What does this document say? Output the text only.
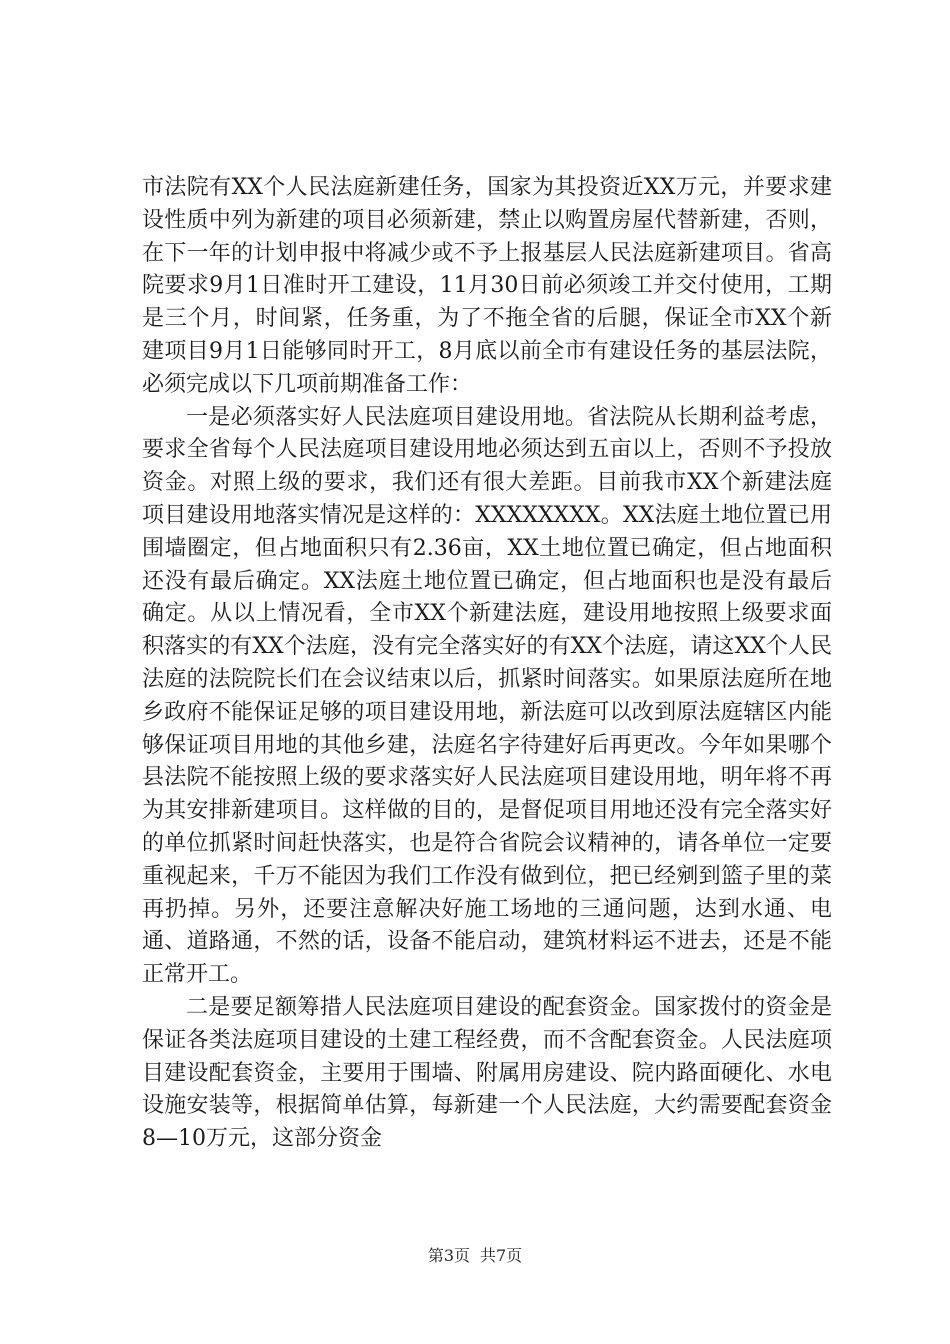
市法院有XX个人民法庭新建任务，国家为其投资近XX万元，并要求建设性质中列为新建的项目必须新建，禁止以购置房屋代替新建，否则，在下一年的计划申报中将减少或不予上报基层人民法庭新建项目。省高院要求9月1日准时开工建设，11月30日前必须竣工并交付使用，工期是三个月，时间紧，任务重，为了不拖全省的后腿，保证全市XX个新建项目9月1日能够同时开工，8月底以前全市有建设任务的基层法院，必须完成以下几项前期准备工作：

一是必须落实好人民法庭项目建设用地。省法院从长期利益考虑，要求全省每个人民法庭项目建设用地必须达到五亩以上，否则不予投放资金。对照上级的要求，我们还有很大差距。目前我市XX个新建法庭项目建设用地落实情况是这样的：XXXXXXXX。XX法庭土地位置已用围墙圈定，但占地面积只有2.36亩，XX土地位置已确定，但占地面积还没有最后确定。XX法庭土地位置已确定，但占地面积也是没有最后确定。从以上情况看，全市XX个新建法庭，建设用地按照上级要求面积落实的有XX个法庭，没有完全落实好的有XX个法庭，请这XX个人民法庭的法院院长们在会议结束以后，抓紧时间落实。如果原法庭所在地乡政府不能保证足够的项目建设用地，新法庭可以改到原法庭辖区内能够保证项目用地的其他乡建，法庭名字待建好后再更改。今年如果哪个县法院不能按照上级的要求落实好人民法庭项目建设用地，明年将不再为其安排新建项目。这样做的目的，是督促项目用地还没有完全落实好的单位抓紧时间赶快落实，也是符合省院会议精神的，请各单位一定要重视起来，千万不能因为我们工作没有做到位，把已经剜到篮子里的菜再扔掉。另外，还要注意解决好施工场地的三通问题，达到水通、电通、道路通，不然的话，设备不能启动，建筑材料运不进去，还是不能正常开工。

二是要足额筹措人民法庭项目建设的配套资金。国家拨付的资金是保证各类法庭项目建设的土建工程经费，而不含配套资金。人民法庭项目建设配套资金，主要用于围墙、附属用房建设、院内路面硬化、水电设施安装等，根据简单估算，每新建一个人民法庭，大约需要配套资金8—10万元，这部分资金

第3页 共7页
